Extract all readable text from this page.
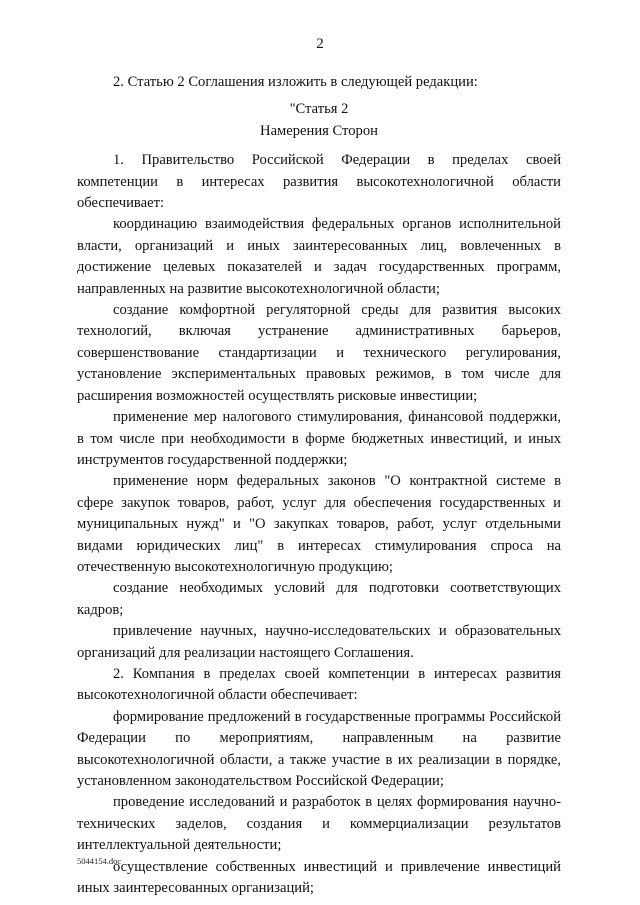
2

2. Статью 2 Соглашения изложить в следующей редакции:

"Статья 2

Намерения Сторон

1. Правительство Российской Федерации в пределах своей компетенции в интересах развития высокотехнологичной области обеспечивает:

координацию взаимодействия федеральных органов исполнительной власти, организаций и иных заинтересованных лиц, вовлеченных в достижение целевых показателей и задач государственных программ, направленных на развитие высокотехнологичной области;

создание комфортной регуляторной среды для развития высоких технологий, включая устранение административных барьеров, совершенствование стандартизации и технического регулирования, установление экспериментальных правовых режимов, в том числе для расширения возможностей осуществлять рисковые инвестиции;

применение мер налогового стимулирования, финансовой поддержки, в том числе при необходимости в форме бюджетных инвестиций, и иных инструментов государственной поддержки;

применение норм федеральных законов "О контрактной системе в сфере закупок товаров, работ, услуг для обеспечения государственных и муниципальных нужд" и "О закупках товаров, работ, услуг отдельными видами юридических лиц" в интересах стимулирования спроса на отечественную высокотехнологичную продукцию;

создание необходимых условий для подготовки соответствующих кадров;

привлечение научных, научно-исследовательских и образовательных организаций для реализации настоящего Соглашения.

2. Компания в пределах своей компетенции в интересах развития высокотехнологичной области обеспечивает:

формирование предложений в государственные программы Российской Федерации по мероприятиям, направленным на развитие высокотехнологичной области, а также участие в их реализации в порядке, установленном законодательством Российской Федерации;

проведение исследований и разработок в целях формирования научно-технических заделов, создания и коммерциализации результатов интеллектуальной деятельности;

осуществление собственных инвестиций и привлечение инвестиций иных заинтересованных организаций;

5044154.doc
